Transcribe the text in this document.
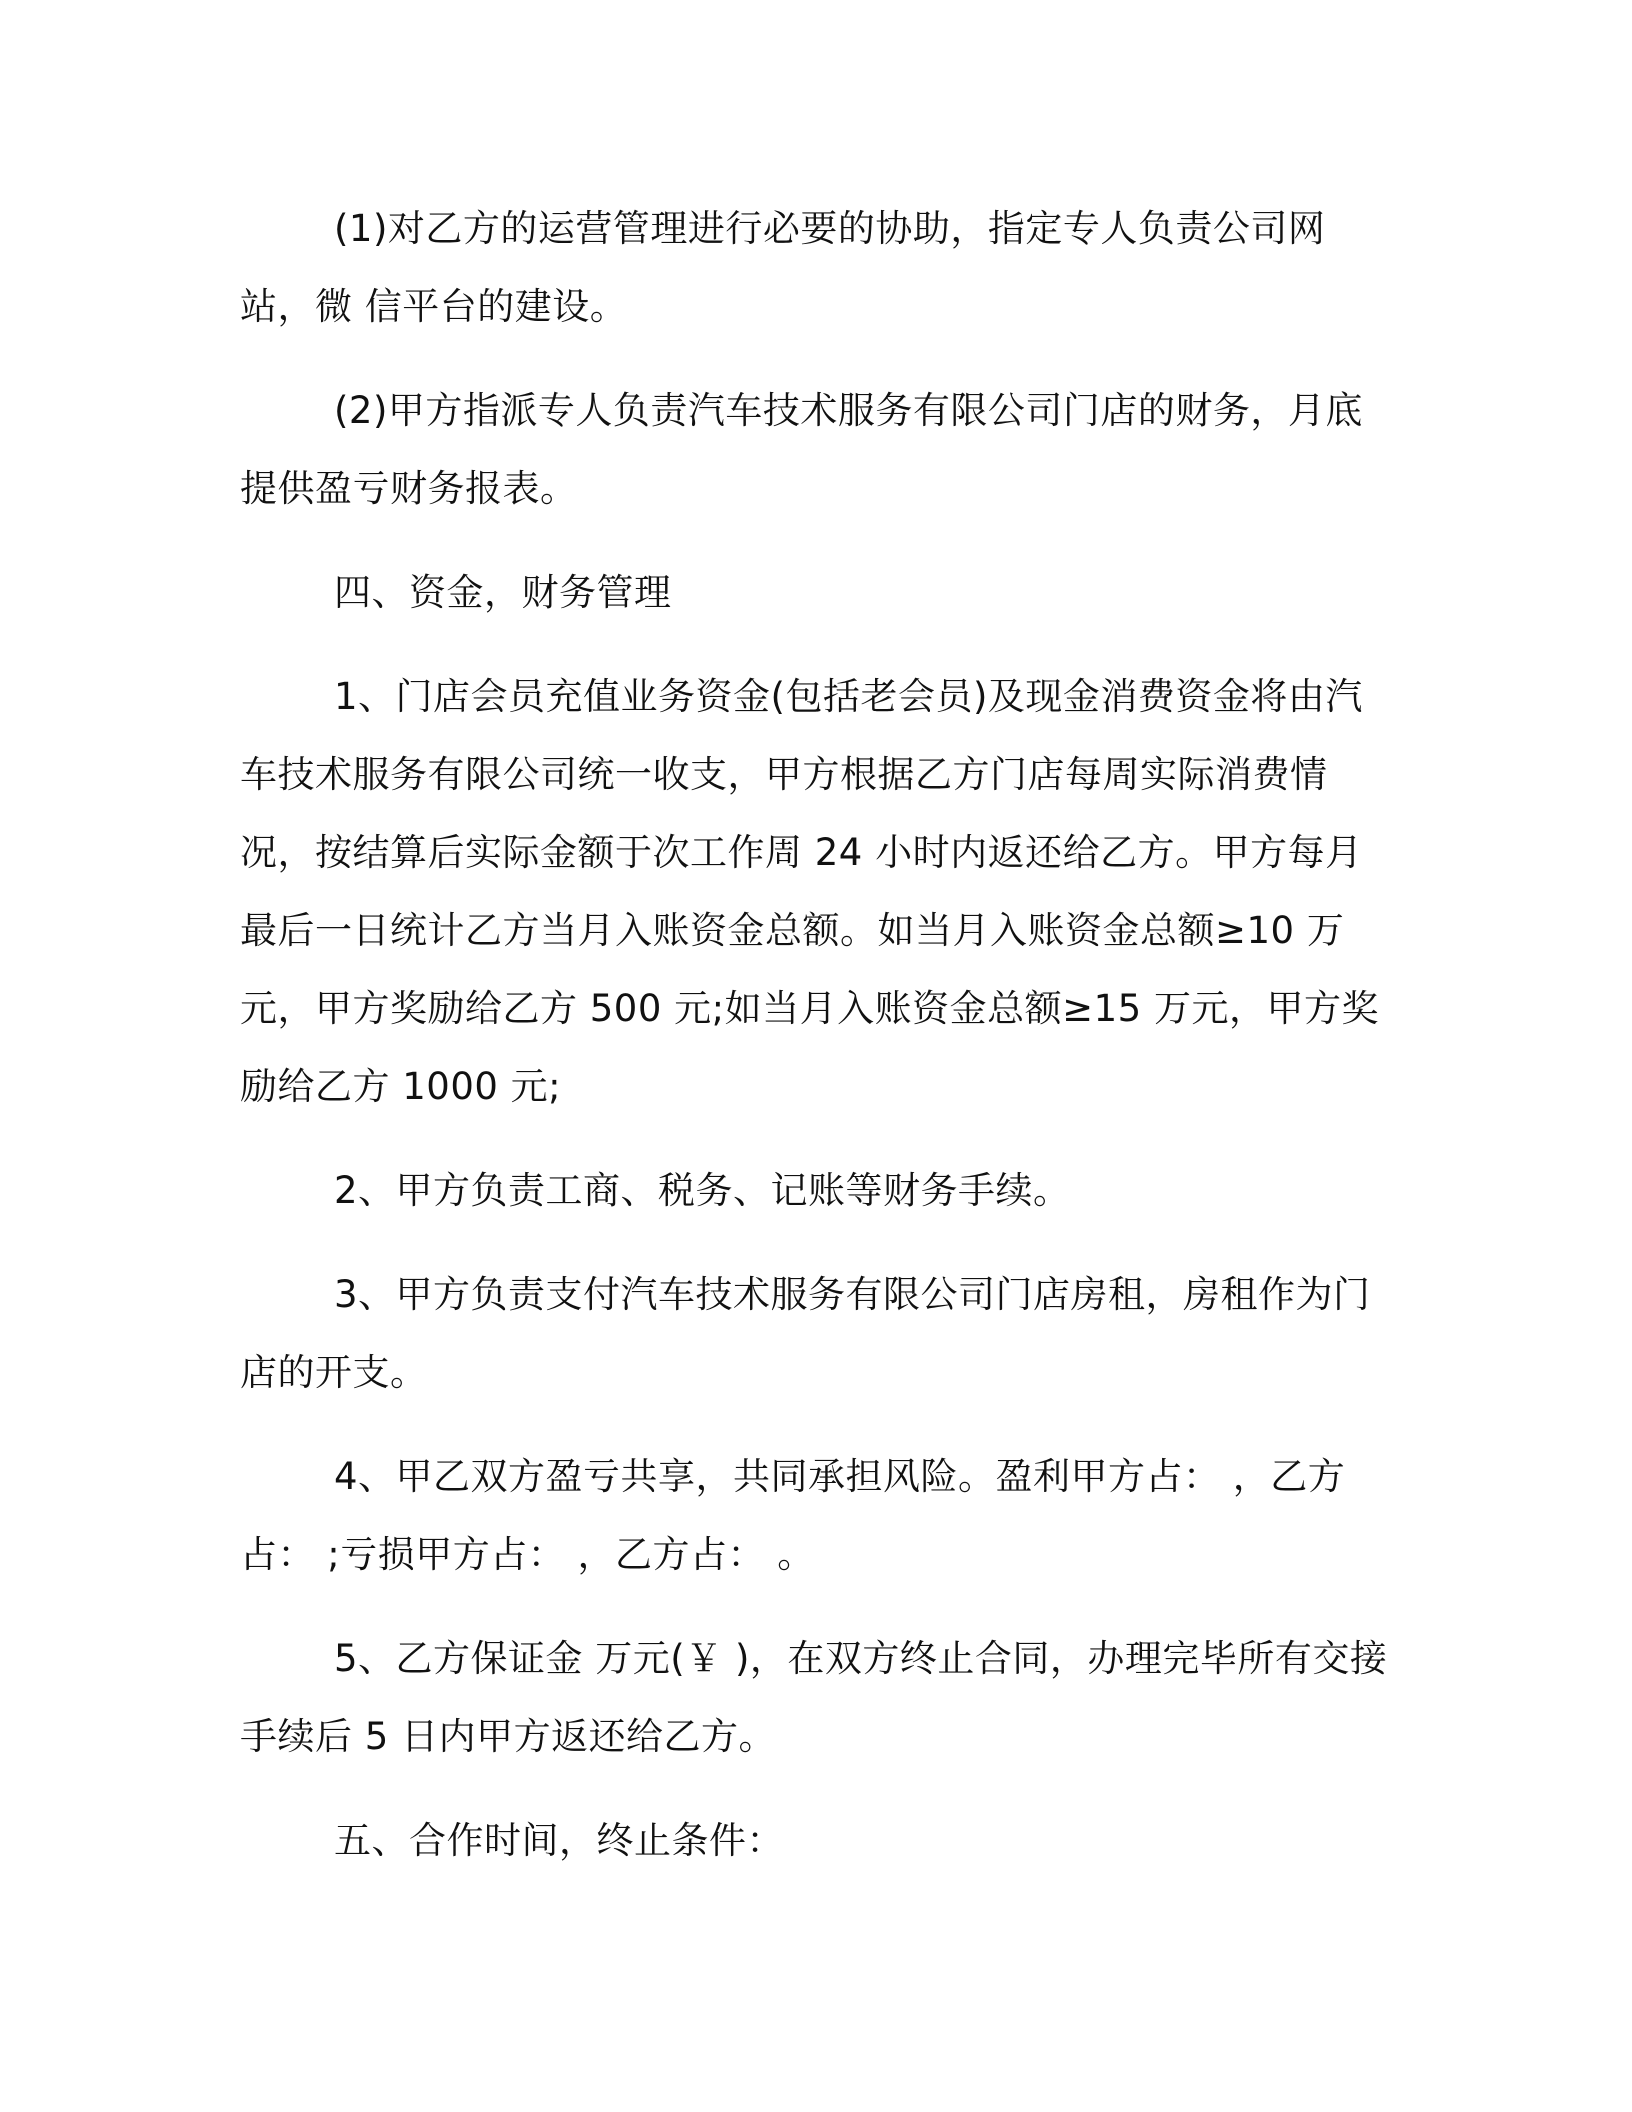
(1)对乙方的运营管理进行必要的协助，指定专人负责公司网站，微 信平台的建设。

(2)甲方指派专人负责汽车技术服务有限公司门店的财务，月底提供盈亏财务报表。

四、资金，财务管理

1、门店会员充值业务资金(包括老会员)及现金消费资金将由汽车技术服务有限公司统一收支，甲方根据乙方门店每周实际消费情况，按结算后实际金额于次工作周 24 小时内返还给乙方。甲方每月最后一日统计乙方当月入账资金总额。如当月入账资金总额≥10 万元，甲方奖励给乙方 500 元;如当月入账资金总额≥15 万元，甲方奖励给乙方 1000 元;

2、甲方负责工商、税务、记账等财务手续。

3、甲方负责支付汽车技术服务有限公司门店房租，房租作为门店的开支。

4、甲乙双方盈亏共享，共同承担风险。盈利甲方占： ，乙方占： ;亏损甲方占： ，乙方占： 。

5、乙方保证金 万元(￥ )，在双方终止合同，办理完毕所有交接手续后 5 日内甲方返还给乙方。

五、合作时间，终止条件：
